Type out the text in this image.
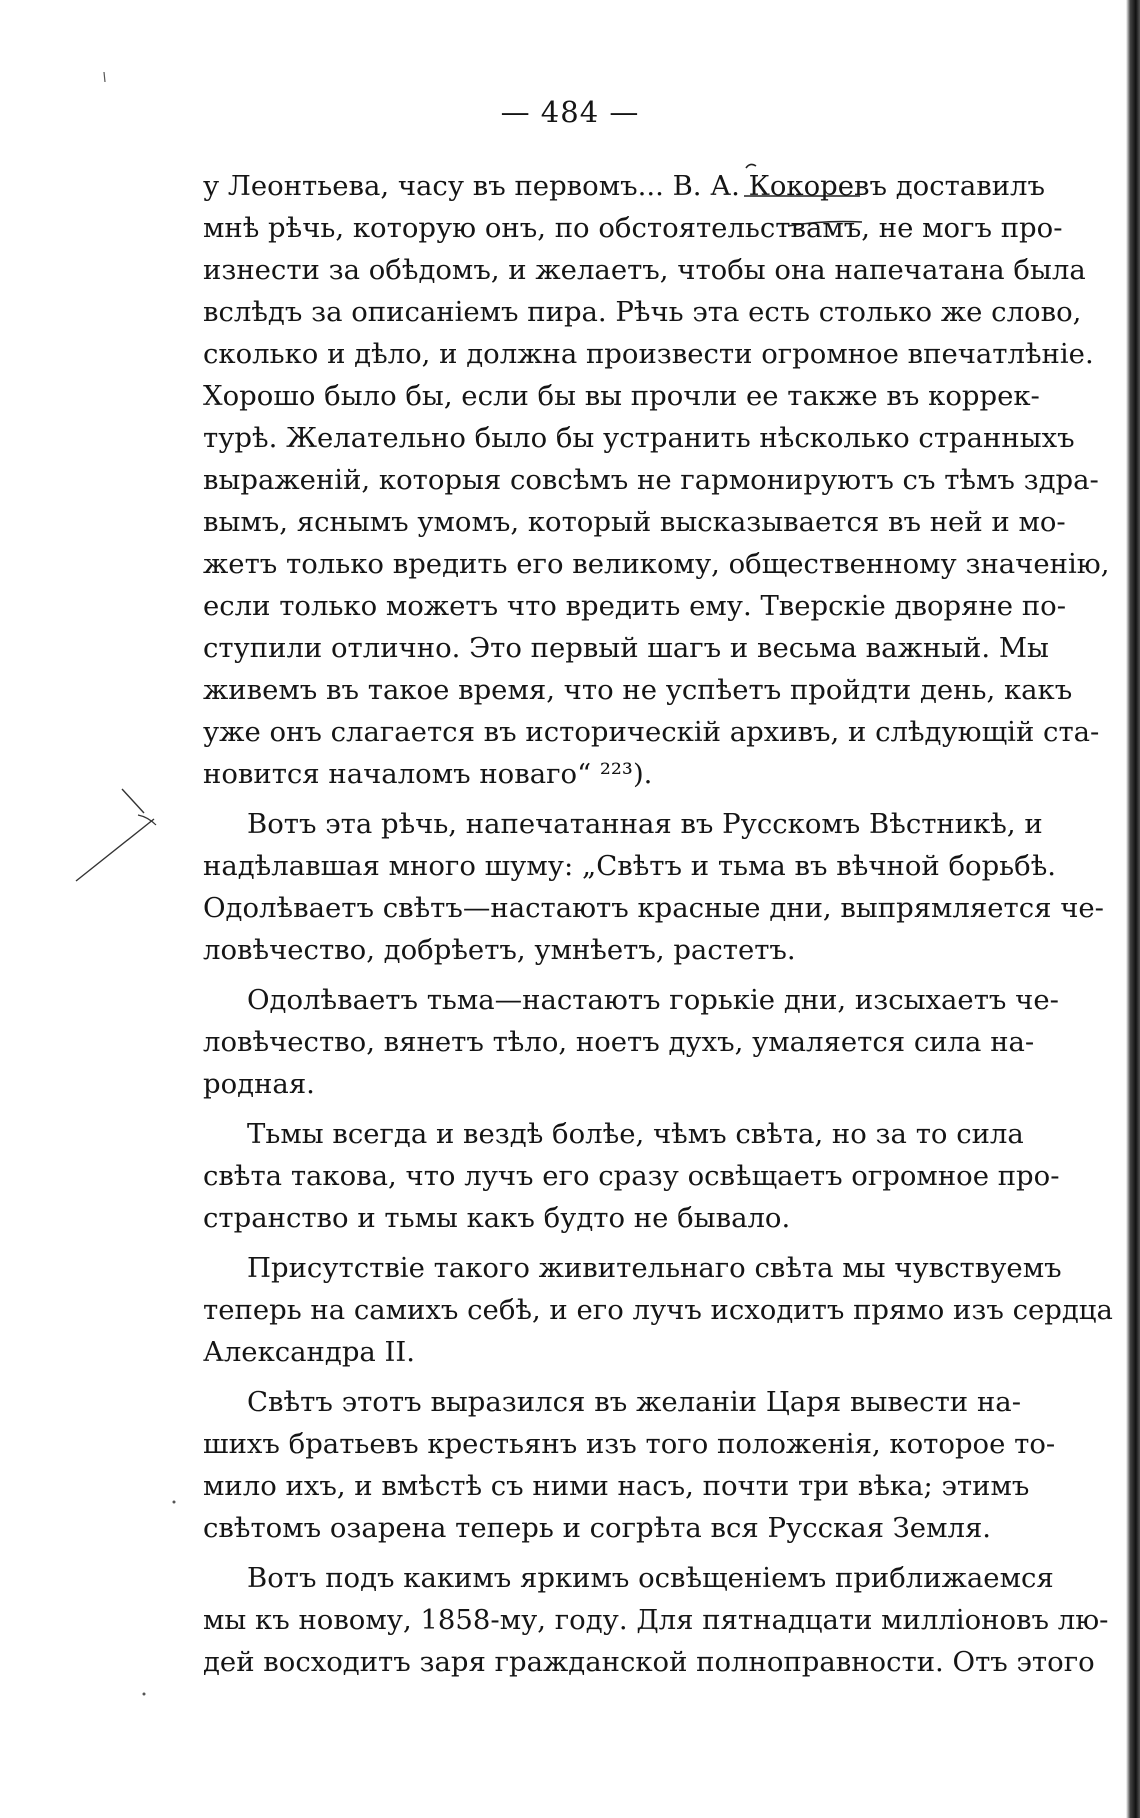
— 484 —
у Леонтьева, часу въ первомъ... В. А. Кокоревъ доставилъ
мнѣ рѣчь, которую онъ, по обстоятельствамъ, не могъ про-
изнести за обѣдомъ, и желаетъ, чтобы она напечатана была
вслѣдъ за описаніемъ пира. Рѣчь эта есть столько же слово,
сколько и дѣло, и должна произвести огромное впечатлѣніе.
Хорошо было бы, если бы вы прочли ее также въ коррек-
турѣ. Желательно было бы устранить нѣсколько странныхъ
выраженій, которыя совсѣмъ не гармонируютъ съ тѣмъ здра-
вымъ, яснымъ умомъ, который высказывается въ ней и мо-
жетъ только вредить его великому, общественному значенію,
если только можетъ что вредить ему. Тверскіе дворяне по-
ступили отлично. Это первый шагъ и весьма важный. Мы
живемъ въ такое время, что не успѣетъ пройдти день, какъ
уже онъ слагается въ историческій архивъ, и слѣдующій ста-
новится началомъ новаго“ ²²³).
Вотъ эта рѣчь, напечатанная въ Русскомъ Вѣстникѣ, и
надѣлавшая много шуму: „Свѣтъ и тьма въ вѣчной борьбѣ.
Одолѣваетъ свѣтъ—настаютъ красные дни, выпрямляется че-
ловѣчество, добрѣетъ, умнѣетъ, растетъ.
Одолѣваетъ тьма—настаютъ горькіе дни, изсыхаетъ че-
ловѣчество, вянетъ тѣло, ноетъ духъ, умаляется сила на-
родная.
Тьмы всегда и вездѣ болѣе, чѣмъ свѣта, но за то сила
свѣта такова, что лучъ его сразу освѣщаетъ огромное про-
странство и тьмы какъ будто не бывало.
Присутствіе такого живительнаго свѣта мы чувствуемъ
теперь на самихъ себѣ, и его лучъ исходитъ прямо изъ сердца
Александра II.
Свѣтъ этотъ выразился въ желаніи Царя вывести на-
шихъ братьевъ крестьянъ изъ того положенія, которое то-
мило ихъ, и вмѣстѣ съ ними насъ, почти три вѣка; этимъ
свѣтомъ озарена теперь и согрѣта вся Русская Земля.
Вотъ подъ какимъ яркимъ освѣщеніемъ приближаемся
мы къ новому, 1858-му, году. Для пятнадцати милліоновъ лю-
дей восходитъ заря гражданской полноправности. Отъ этого
